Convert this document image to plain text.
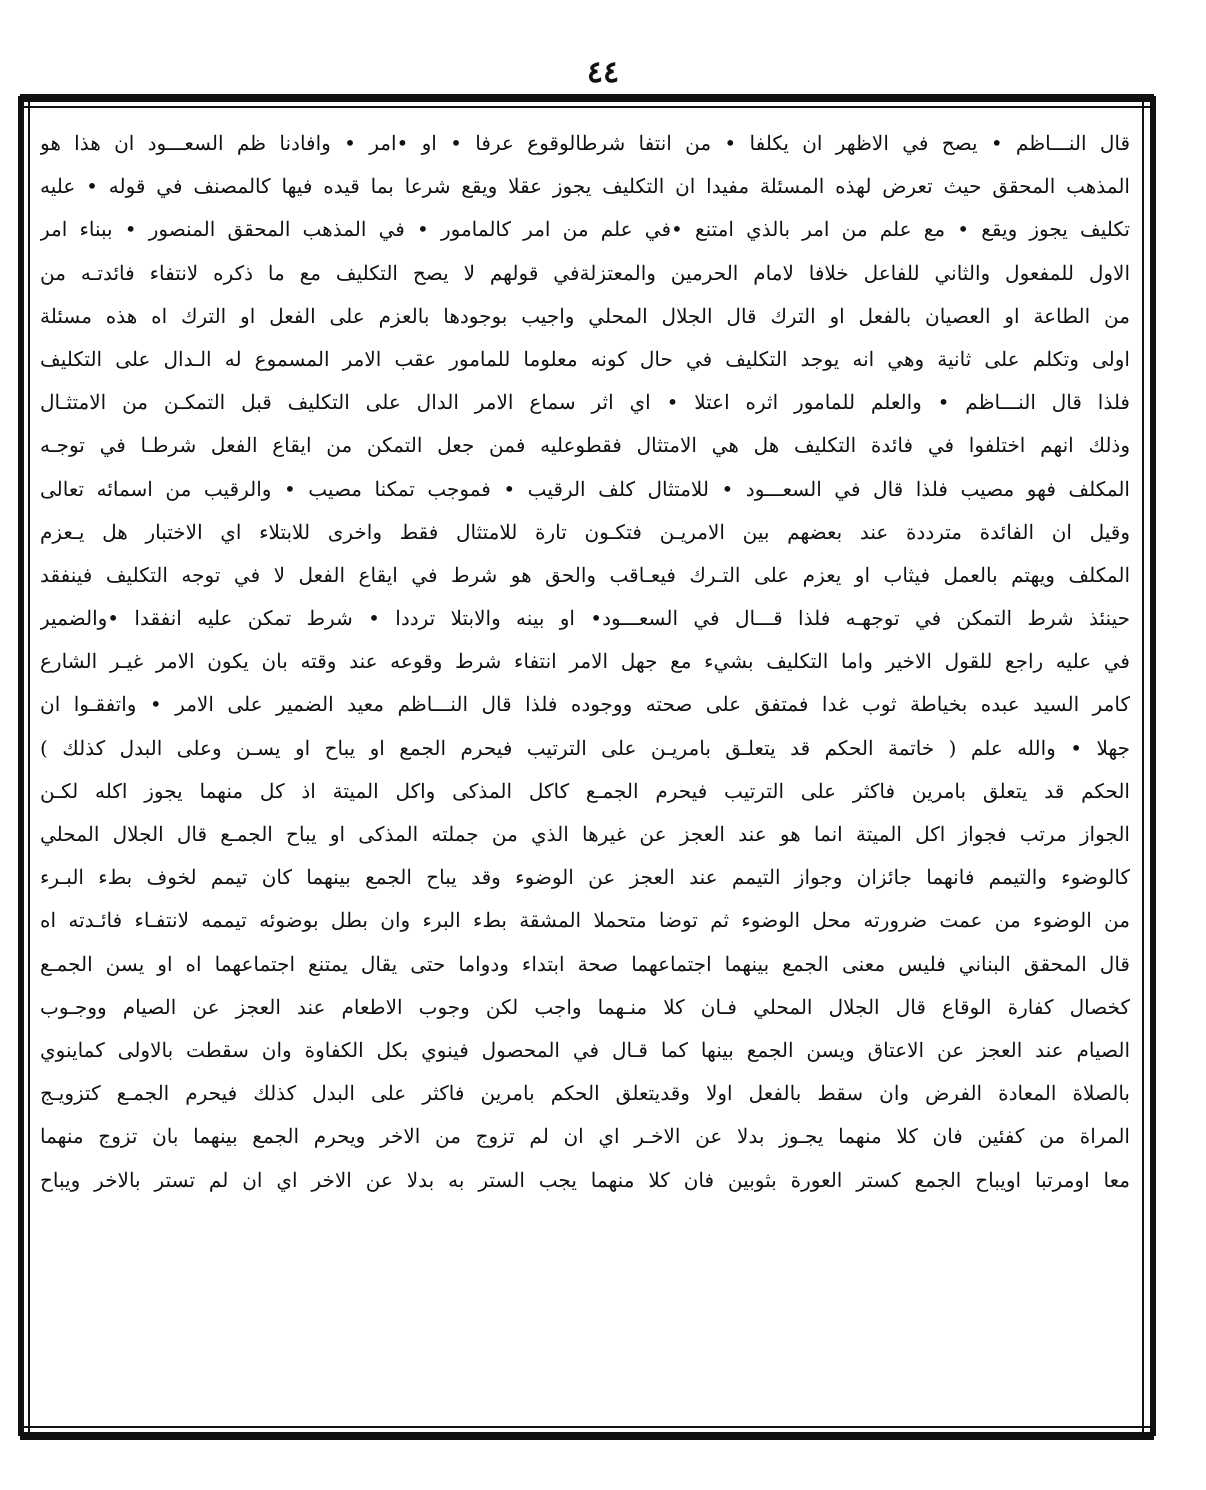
٤٤
قال النـــاظم • يصح في الاظهر ان يكلفا • من انتفا شرطالوقوع عرفا • او •امر • وافادنا ظم السعـــود ان هذا هو
المذهب المحقق حيث تعرض لهذه المسئلة مفيدا ان التكليف يجوز عقلا ويقع شرعا بما قيده فيها كالمصنف في قوله • عليه
تكليف يجوز ويقع • مع علم من امر بالذي امتنع •في علم من امر كالمامور • في المذهب المحقق المنصور • ببناء امر
الاول للمفعول والثاني للفاعل خلافا لامام الحرمين والمعتزلةفي قولهم لا يصح التكليف مع ما ذكره لانتفاء فائدتـه من
من الطاعة او العصيان بالفعل او الترك قال الجلال المحلي واجيب بوجودها بالعزم على الفعل او الترك اه هذه مسئلة
اولى وتكلم على ثانية وهي انه يوجد التكليف في حال كونه معلوما للمامور عقب الامر المسموع له الـدال على التكليف
فلذا قال النـــاظم • والعلم للمامور اثره اعتلا • اي اثر سماع الامر الدال على التكليف قبل التمكـن من الامتثـال
وذلك انهم اختلفوا في فائدة التكليف هل هي الامتثال فقطوعليه فمن جعل التمكن من ايقاع الفعل شرطـا في توجـه
المكلف فهو مصيب فلذا قال في السعـــود • للامتثال كلف الرقيب • فموجب تمكنا مصيب • والرقيب من اسمائه تعالى
وقيل ان الفائدة مترددة عند بعضهم بين الامريـن فتكـون تارة للامتثال فقط واخرى للابتلاء اي الاختبار هل يـعزم
المكلف ويهتم بالعمل فيثاب او يعزم على التـرك فيعـاقب والحق هو شرط في ايقاع الفعل لا في توجه التكليف فينفقد
حينئذ شرط التمكن في توجهـه فلذا قـــال في السعـــود• او بينه والابتلا ترددا • شرط تمكن عليه انفقدا •والضمير
في عليه راجع للقول الاخير واما التكليف بشيء مع جهل الامر انتفاء شرط وقوعه عند وقته بان يكون الامر غيـر الشارع
كامر السيد عبده بخياطة ثوب غدا فمتفق على صحته ووجوده فلذا قال النـــاظم معيد الضمير على الامر • واتفقـوا ان
جهلا • والله علم ( خاتمة الحكم قد يتعلـق بامريـن على الترتيب فيحرم الجمع او يباح او يسـن وعلى البدل كذلك )
الحكم قد يتعلق بامرين فاكثر على الترتيب فيحرم الجمـع كاكل المذكى واكل الميتة اذ كل منهما يجوز اكله لكـن
الجواز مرتب فجواز اكل الميتة انما هو عند العجز عن غيرها الذي من جملته المذكى او يباح الجمـع قال الجلال المحلي
كالوضوء والتيمم فانهما جائزان وجواز التيمم عند العجز عن الوضوء وقد يباح الجمع بينهما كان تيمم لخوف بطء البـرء
من الوضوء من عمت ضرورته محل الوضوء ثم توضا متحملا المشقة بطء البرء وان بطل بوضوئه تيممه لانتفـاء فائـدته اه
قال المحقق البناني فليس معنى الجمع بينهما اجتماعهما صحة ابتداء ودواما حتى يقال يمتنع اجتماعهما اه او يسن الجمـع
كخصال كفارة الوقاع قال الجلال المحلي فـان كلا منـهما واجب لكن وجوب الاطعام عند العجز عن الصيام ووجـوب
الصيام عند العجز عن الاعتاق ويسن الجمع بينها كما قـال في المحصول فينوي بكل الكفاوة وان سقطت بالاولى كماينوي
بالصلاة المعادة الفرض وان سقط بالفعل اولا وقديتعلق الحكم بامرين فاكثر على البدل كذلك فيحرم الجمـع كتزويـج
المراة من كفئين فان كلا منهما يجـوز بدلا عن الاخـر اي ان لم تزوج من الاخر ويحرم الجمع بينهما بان تزوج منهما
معا اومرتبا اويباح الجمع كستر العورة بثوبين فان كلا منهما يجب الستر به بدلا عن الاخر اي ان لم تستر بالاخر ويباح
